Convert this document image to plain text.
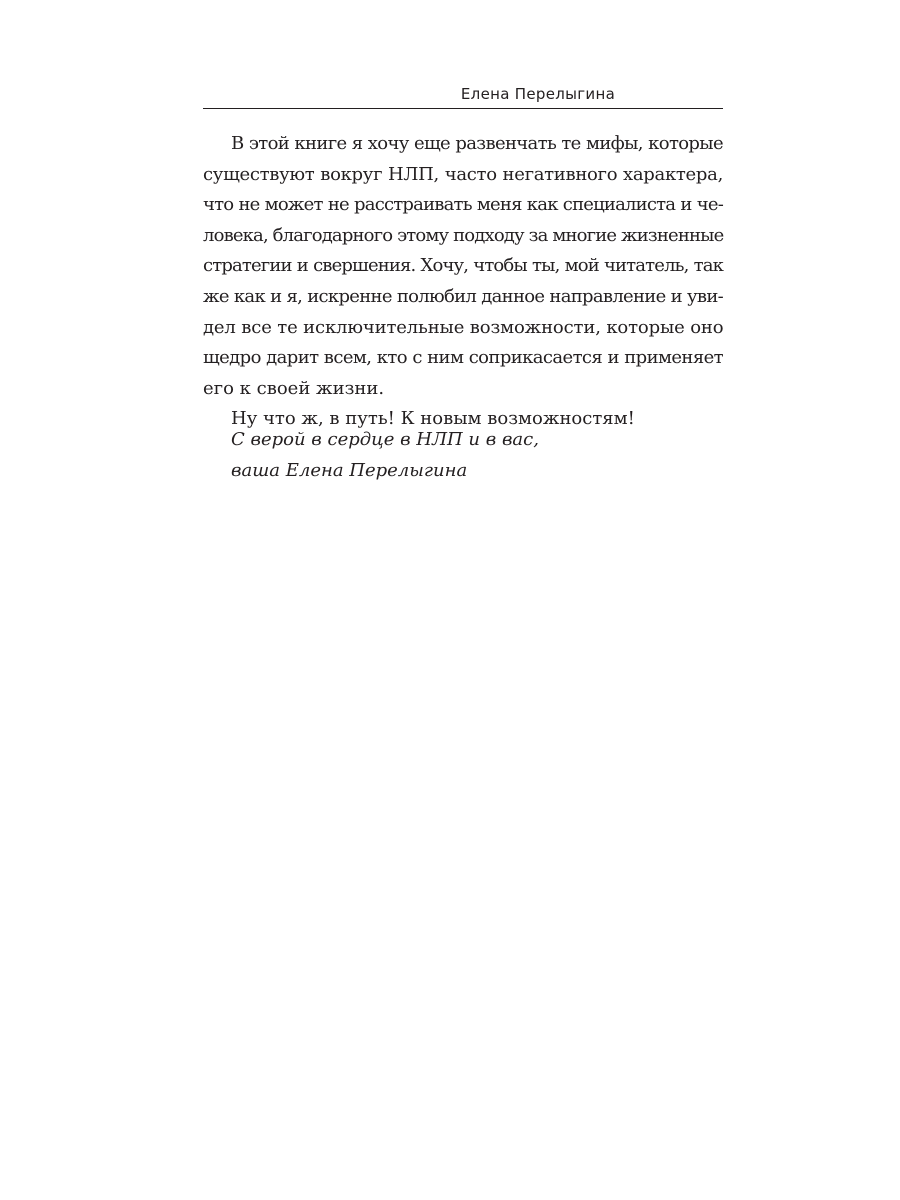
Елена Перелыгина
В этой книге я хочу еще развенчать те мифы, которые
существуют вокруг НЛП, часто негативного характера,
что не может не расстраивать меня как специалиста и че-
ловека, благодарного этому подходу за многие жизненные
стратегии и свершения. Хочу, чтобы ты, мой читатель, так
же как и я, искренне полюбил данное направление и уви-
дел все те исключительные возможности, которые оно
щедро дарит всем, кто с ним соприкасается и применяет
его к своей жизни.
Ну что ж, в путь! К новым возможностям!
С верой в сердце в НЛП и в вас,
ваша Елена Перелыгина
